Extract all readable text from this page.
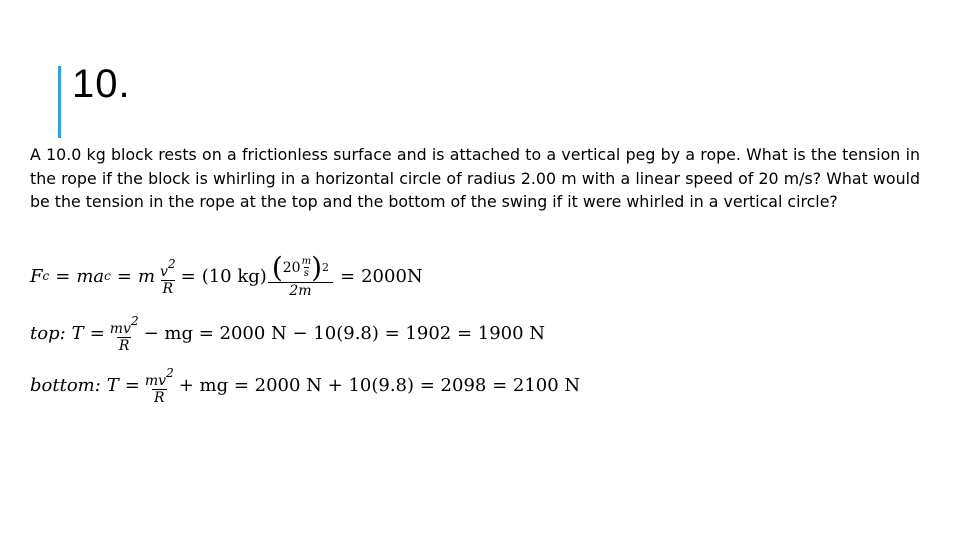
10.
A 10.0 kg block rests on a frictionless surface and is attached to a vertical peg by a rope. What is the tension in the rope if the block is whirling in a horizontal circle of radius 2.00 m with a linear speed of 20 m/s? What would be the tension in the rope at the top and the bottom of the swing if it were whirled in a vertical circle?
F c = m a c = m $\frac{v^2}{R} = (10$ kg) ( $20 \frac{m}{s}$ ) 2
2m
= 2000N
top: $T = \frac{mv^2}{R}$ − mg = 2000 N − 10(9.8) = 1902 = 1900 N
bottom: $T = \frac{mv^2}{R}$ + mg = 2000 N + 10(9.8) = 2098 = 2100 N
